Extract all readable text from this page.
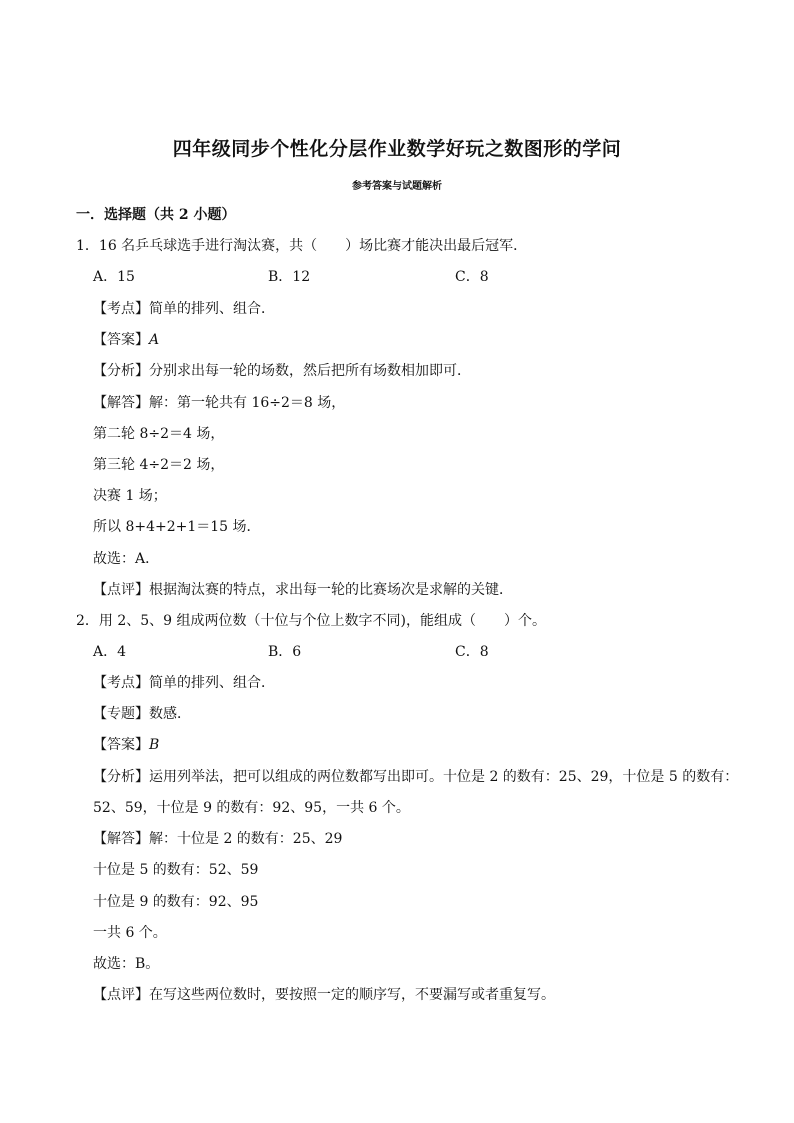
四年级同步个性化分层作业数学好玩之数图形的学问
参考答案与试题解析
一．选择题（共 2 小题）
1．16 名乒乓球选手进行淘汰赛，共（　　）场比赛才能决出最后冠军．
A．15	B．12	C．8
【考点】简单的排列、组合．
【答案】A
【分析】分别求出每一轮的场数，然后把所有场数相加即可．
【解答】解：第一轮共有 16÷2＝8 场，
第二轮 8÷2＝4 场，
第三轮 4÷2＝2 场，
决赛 1 场；
所以 8+4+2+1＝15 场．
故选：A．
【点评】根据淘汰赛的特点，求出每一轮的比赛场次是求解的关键．
2．用 2、5、9 组成两位数（十位与个位上数字不同)，能组成（　　）个。
A．4	B．6	C．8
【考点】简单的排列、组合．
【专题】数感．
【答案】B
【分析】运用列举法，把可以组成的两位数都写出即可。十位是 2 的数有：25、29，十位是 5 的数有：
52、59，十位是 9 的数有：92、95，一共 6 个。
【解答】解：十位是 2 的数有：25、29
十位是 5 的数有：52、59
十位是 9 的数有：92、95
一共 6 个。
故选：B。
【点评】在写这些两位数时，要按照一定的顺序写，不要漏写或者重复写。
